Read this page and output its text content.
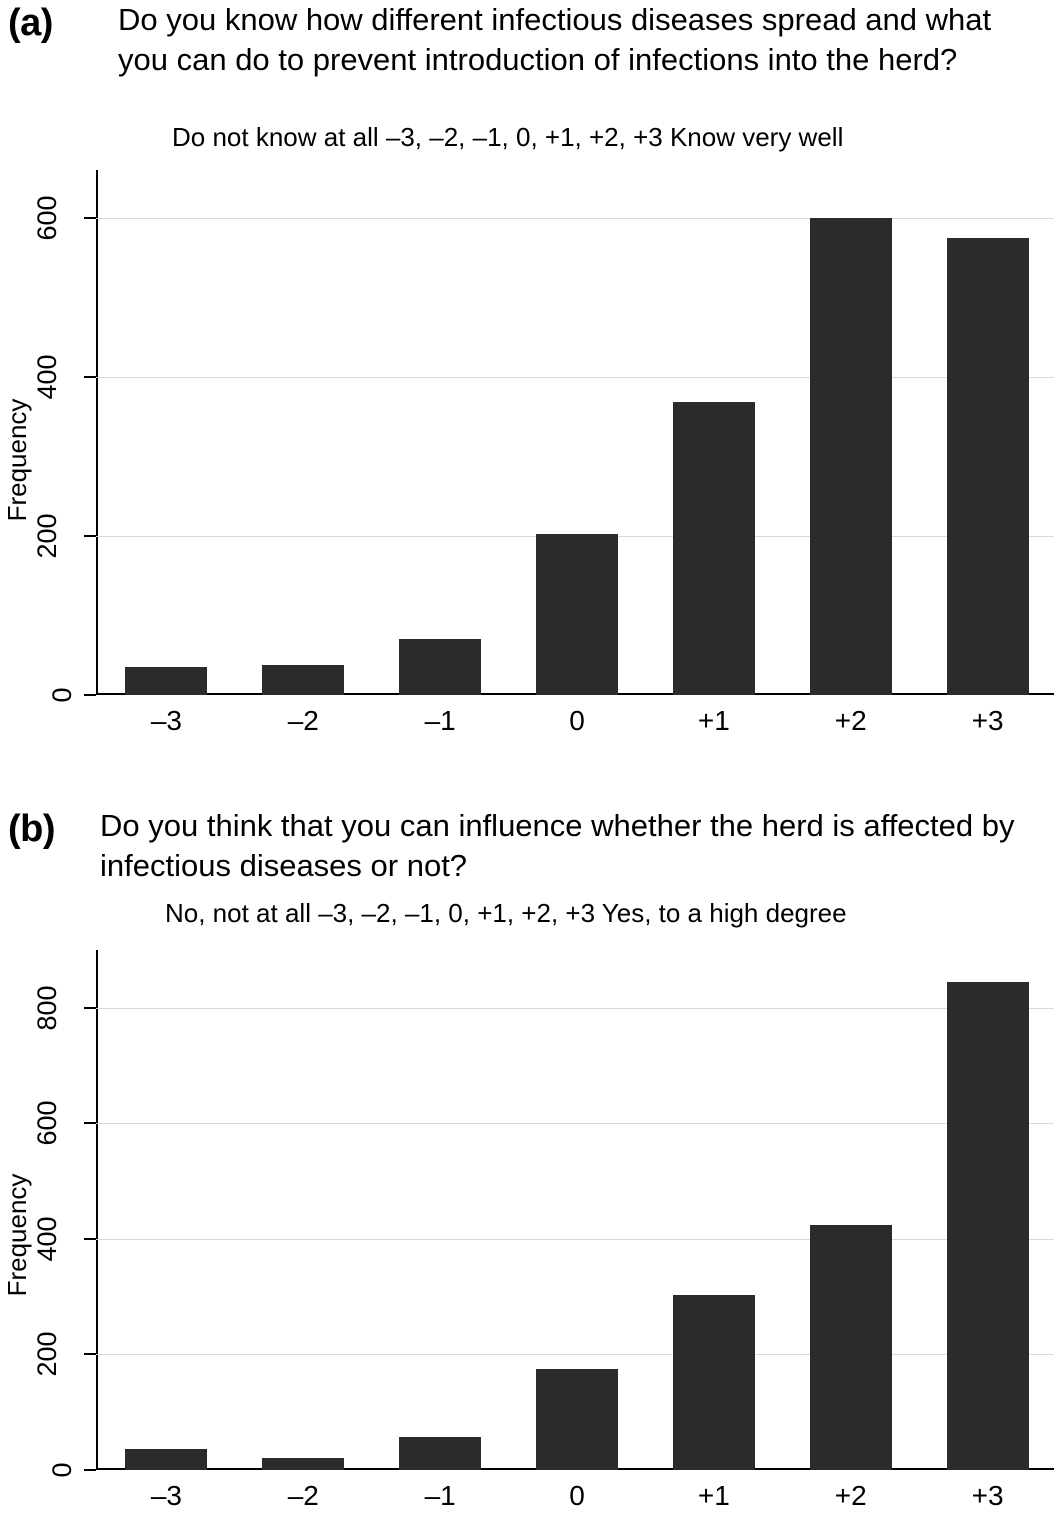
(a) Do you know how different infectious diseases spread and what you can do to prevent introduction of infections into the herd?
Do not know at all –3, –2, –1, 0, +1, +2, +3 Know very well
Frequency
0
200
400
600
–3	–2	–1	0	+1	+2	+3
(b) Do you think that you can influence whether the herd is affected by infectious diseases or not?
No, not at all –3, –2, –1, 0, +1, +2, +3 Yes, to a high degree
Frequency
0
200
400
600
800
–3	–2	–1	0	+1	+2	+3
